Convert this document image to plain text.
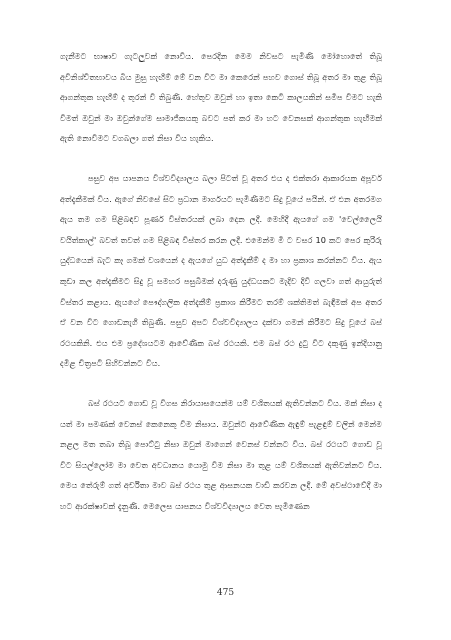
ගැනීමට භාෂාව ගැටලුවක් නොවිය. පෙරදින මෙම නිවසට පැමිණි මෝහොතේ තිබූ අවිනිශ්චිතභාවය බිය මුසු හැඟීම් මේ වන විට මා කෙරෙන් පහව ගොස් තිබූ අතර මා තුළ තිබූ ආගන්තුක හැඟීම් ද තුරන් වී තිබුණි. හේතුව ඔවුන් හා ඉතා කෙටි කාලයකින් සමීප විමට හැකි වීමත් ඔවුන් මා ඔවුන්ගේම සාමාජිකයකු බවට පත් කර මා හට වෙනසක් ආගන්තුක හැඟීමක් ඇති නොවීමට වගබලා ගත් නිසා විය හැකිය.

පසුව අප යාපනය විශ්වවිද්‍යාලය බලා පිටත් වූ අතර එය ද එක්තරා ආකාරයක අපූර්ව අත්දැකීමක් විය. ඇගේ නිවසේ සිට ප්‍රධාන මාර්ගයට පැමිණීමට සිදු වූයේ පයින්. ඒ එන අතරමග ඇය තම ගම පිළිබඳව පූර්ණ විස්තරයක් ලබා දෙන ලදී. මෙහිදී ඇයගේ ගම 'වෙල්ලෛයි වයිත්කාල්' බවත් තවත් ගම පිළිබඳ විස්තර කරන ලදී. එමෙන්ම මී ට වසර 10 කට පෙර කුරිරු යුද්ධයෙන් බැට කෑ ගමක් වශයෙන් ද ඇයගේ යුධ අත්දැකීම් ද මා හා ප්‍රකාශ කරන්නට විය. ඇය කුඩා කල අත්දැකීමට සිදු වූ සමහර පසුබිමක් දරුණු යුද්ධයකට මැදිව දිවි ගලවා ගත් ආයුරුත් විස්තර කළාය. ඇයගේ පෞද්ගලික අත්දැකීම් ප්‍රකාශ කිරීමට තරම් ශක්තිමත් බැඳීමක් අප අතර ඒ වන විට ගොඩනැගී තිබුණි. පසුව අපට විශ්වවිද්‍යාලය දක්වා ගමන් කිරීමට සිදු වූයේ බස් රථයකිනි. එය එම ප්‍රදේශයටම ආවේණික බස් රථයකි. එම බස් රථ දුටු විට දකුණු ඉන්දියානු දමිළ චිත්‍රපටි සිහිවන්නට විය.

බස් රථයට ගොඩ වූ විගස නිරායාසයෙන්ම යම් වශිතයක් ඇතිවන්නට විය. මක් නිසා ද යත් මා පමණක් වෙනස් කෙනෙකු වීම නිසාය. ඔවුන්ට ආවේණික ඇඳුම් පැළඳුම් වලින් මෙන්ම නළල මත තබා තිබූ පොට්ටු නිසා ඔවුන් මාගෙන් වෙනස් වන්නට විය. බස් රථයට ගොඩ වූ විට සියල්ලෝම මා වෙත අවධානය යොමු වීම නිසා මා තුළ යම් වශිතයක් ඇතිවන්නට විය. මෙය තේරුම් ගත් අර්චිතා මාව බස් රථය තුළ ආසනයක වාඩි කරවන ලදී. මේ අවස්ථාවේදී මා හට ආරක්ෂාවක් දැනුණි. මෙලෙස යාපනය විශ්වවිද්‍යාලය වෙත පැමිණෙන

475
